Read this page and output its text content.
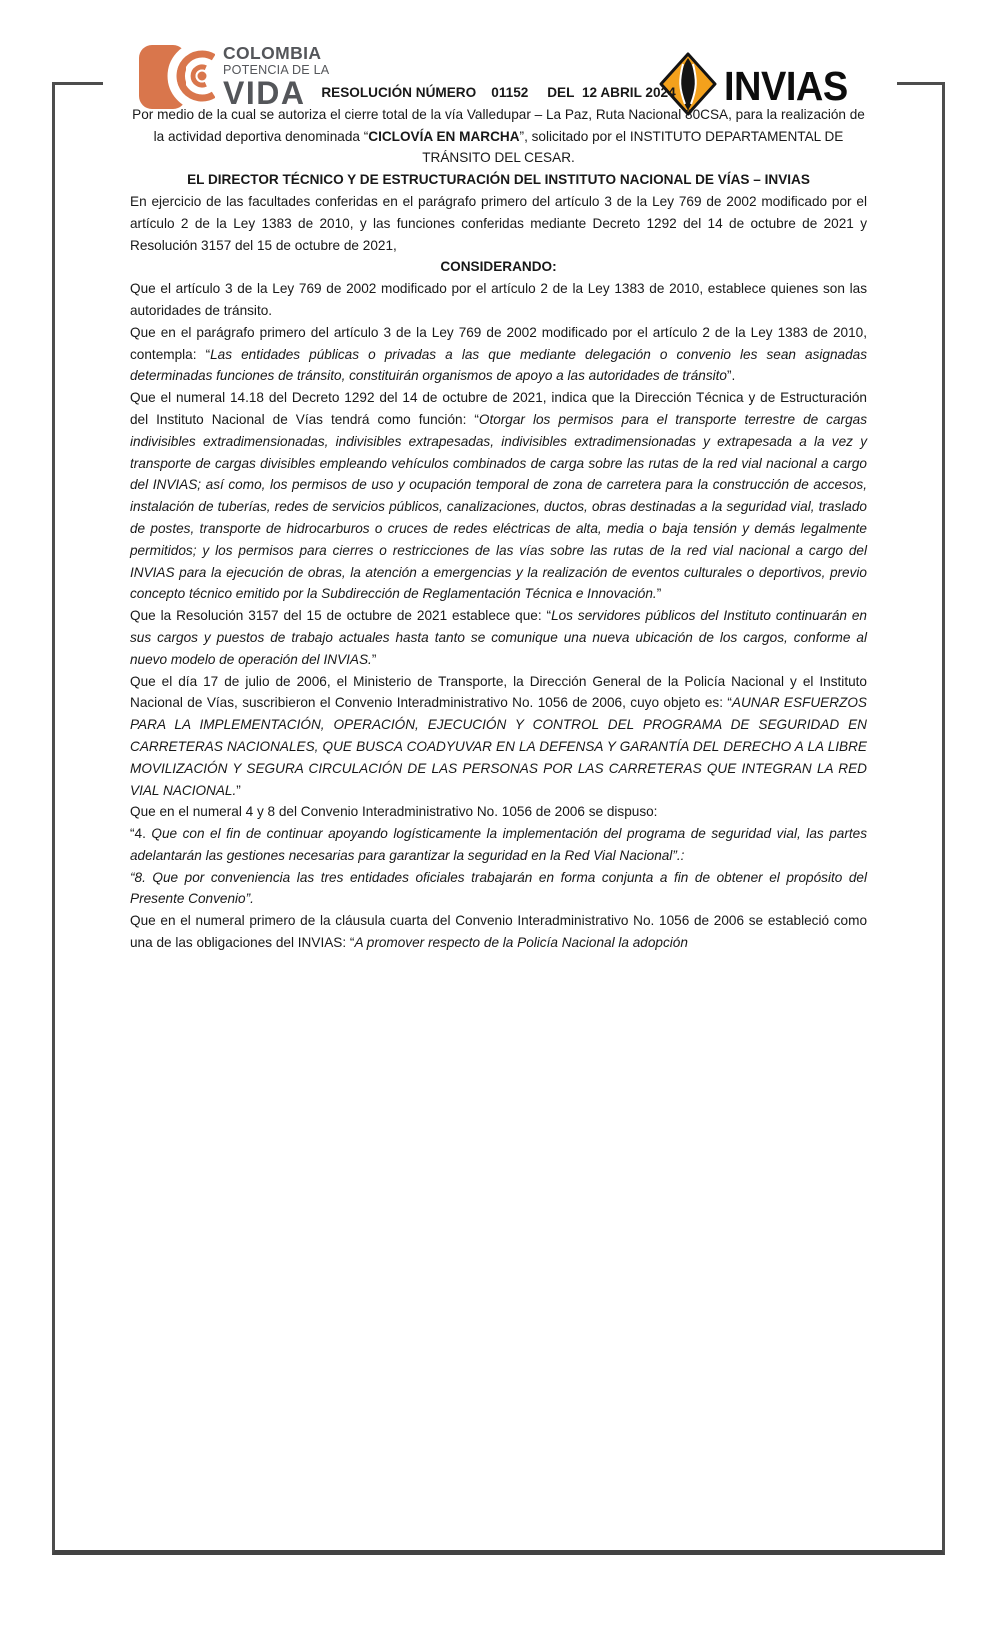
COLOMBIA
POTENCIA DE LA
VIDA	INVIAS

RESOLUCIÓN NÚMERO    01152     DEL  12 ABRIL 2024

Por medio de la cual se autoriza el cierre total de la vía Valledupar – La Paz, Ruta Nacional 80CSA, para la realización de la actividad deportiva denominada “CICLOVÍA EN MARCHA”, solicitado por el INSTITUTO DEPARTAMENTAL DE TRÁNSITO DEL CESAR.

EL DIRECTOR TÉCNICO Y DE ESTRUCTURACIÓN DEL INSTITUTO NACIONAL DE VÍAS – INVIAS

En ejercicio de las facultades conferidas en el parágrafo primero del artículo 3 de la Ley 769 de 2002 modificado por el artículo 2 de la Ley 1383 de 2010, y las funciones conferidas mediante Decreto 1292 del 14 de octubre de 2021 y Resolución 3157 del 15 de octubre de 2021,

CONSIDERANDO:

Que el artículo 3 de la Ley 769 de 2002 modificado por el artículo 2 de la Ley 1383 de 2010, establece quienes son las autoridades de tránsito.

Que en el parágrafo primero del artículo 3 de la Ley 769 de 2002 modificado por el artículo 2 de la Ley 1383 de 2010, contempla: “Las entidades públicas o privadas a las que mediante delegación o convenio les sean asignadas determinadas funciones de tránsito, constituirán organismos de apoyo a las autoridades de tránsito”.

Que el numeral 14.18 del Decreto 1292 del 14 de octubre de 2021, indica que la Dirección Técnica y de Estructuración del Instituto Nacional de Vías tendrá como función: “Otorgar los permisos para el transporte terrestre de cargas indivisibles extradimensionadas, indivisibles extrapesadas, indivisibles extradimensionadas y extrapesada a la vez y transporte de cargas divisibles empleando vehículos combinados de carga sobre las rutas de la red vial nacional a cargo del INVIAS; así como, los permisos de uso y ocupación temporal de zona de carretera para la construcción de accesos, instalación de tuberías, redes de servicios públicos, canalizaciones, ductos, obras destinadas a la seguridad vial, traslado de postes, transporte de hidrocarburos o cruces de redes eléctricas de alta, media o baja tensión y demás legalmente permitidos; y los permisos para cierres o restricciones de las vías sobre las rutas de la red vial nacional a cargo del INVIAS para la ejecución de obras, la atención a emergencias y la realización de eventos culturales o deportivos, previo concepto técnico emitido por la Subdirección de Reglamentación Técnica e Innovación.”

Que la Resolución 3157 del 15 de octubre de 2021 establece que: “Los servidores públicos del Instituto continuarán en sus cargos y puestos de trabajo actuales hasta tanto se comunique una nueva ubicación de los cargos, conforme al nuevo modelo de operación del INVIAS.”

Que el día 17 de julio de 2006, el Ministerio de Transporte, la Dirección General de la Policía Nacional y el Instituto Nacional de Vías, suscribieron el Convenio Interadministrativo No. 1056 de 2006, cuyo objeto es: “AUNAR ESFUERZOS PARA LA IMPLEMENTACIÓN, OPERACIÓN, EJECUCIÓN Y CONTROL DEL PROGRAMA DE SEGURIDAD EN CARRETERAS NACIONALES, QUE BUSCA COADYUVAR EN LA DEFENSA Y GARANTÍA DEL DERECHO A LA LIBRE MOVILIZACIÓN Y SEGURA CIRCULACIÓN DE LAS PERSONAS POR LAS CARRETERAS QUE INTEGRAN LA RED VIAL NACIONAL.”

Que en el numeral 4 y 8 del Convenio Interadministrativo No. 1056 de 2006 se dispuso:

“4. Que con el fin de continuar apoyando logísticamente la implementación del programa de seguridad vial, las partes adelantarán las gestiones necesarias para garantizar la seguridad en la Red Vial Nacional”.:

“8. Que por conveniencia las tres entidades oficiales trabajarán en forma conjunta a fin de obtener el propósito del Presente Convenio”.

Que en el numeral primero de la cláusula cuarta del Convenio Interadministrativo No. 1056 de 2006 se estableció como una de las obligaciones del INVIAS: “A promover respecto de la Policía Nacional la adopción
